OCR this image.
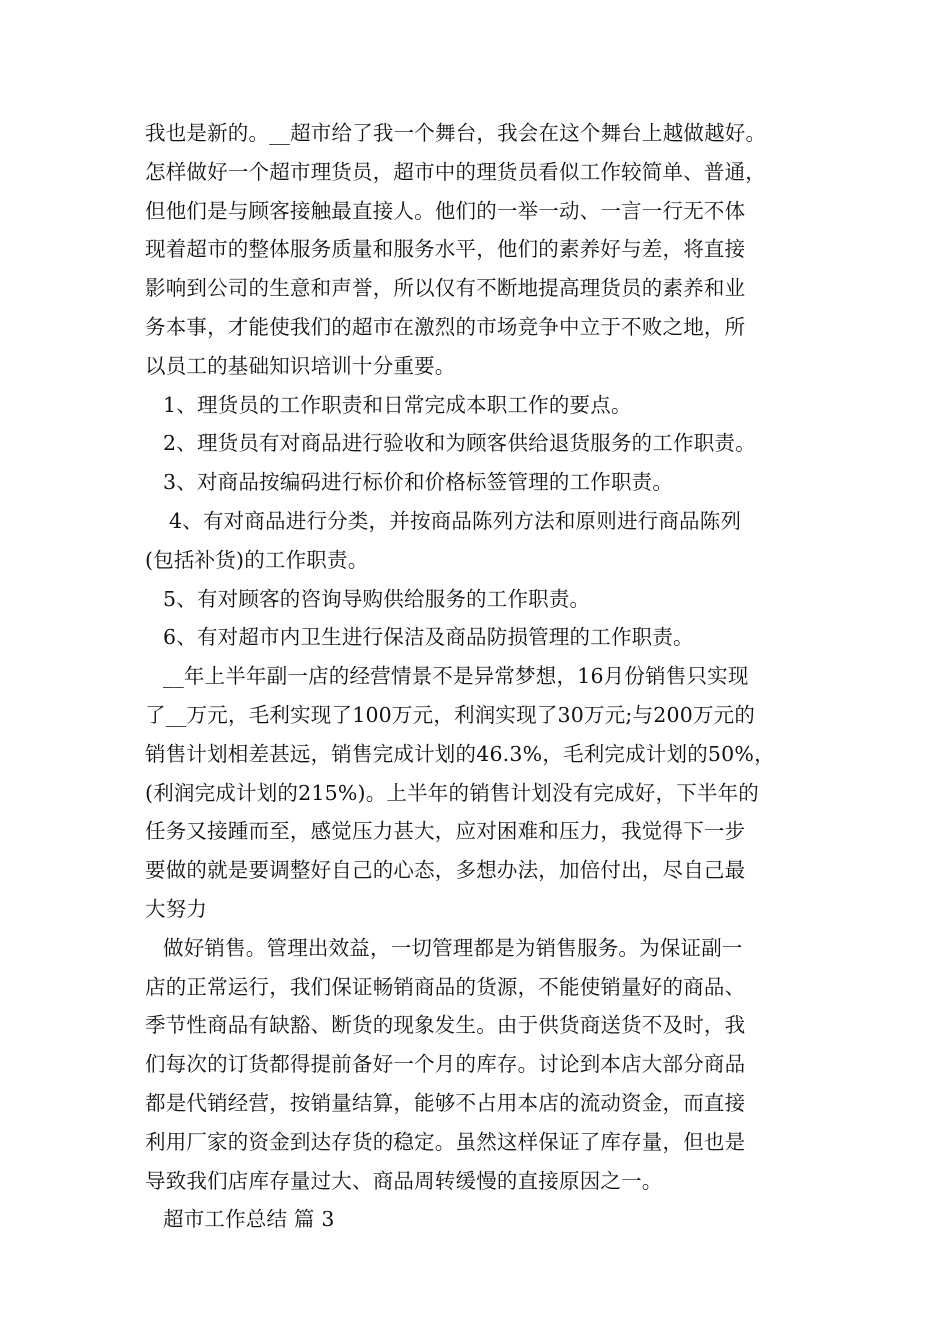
我也是新的。__超市给了我一个舞台，我会在这个舞台上越做越好。
怎样做好一个超市理货员，超市中的理货员看似工作较简单、普通，
但他们是与顾客接触最直接人。他们的一举一动、一言一行无不体
现着超市的整体服务质量和服务水平，他们的素养好与差，将直接
影响到公司的生意和声誉，所以仅有不断地提高理货员的素养和业
务本事，才能使我们的超市在激烈的市场竞争中立于不败之地，所
以员工的基础知识培训十分重要。
1、理货员的工作职责和日常完成本职工作的要点。
2、理货员有对商品进行验收和为顾客供给退货服务的工作职责。
3、对商品按编码进行标价和价格标签管理的工作职责。
4、有对商品进行分类，并按商品陈列方法和原则进行商品陈列
(包括补货)的工作职责。
5、有对顾客的咨询导购供给服务的工作职责。
6、有对超市内卫生进行保洁及商品防损管理的工作职责。
__年上半年副一店的经营情景不是异常梦想，16月份销售只实现
了__万元，毛利实现了100万元，利润实现了30万元;与200万元的
销售计划相差甚远，销售完成计划的46.3%，毛利完成计划的50%，
(利润完成计划的215%)。上半年的销售计划没有完成好，下半年的
任务又接踵而至，感觉压力甚大，应对困难和压力，我觉得下一步
要做的就是要调整好自己的心态，多想办法，加倍付出，尽自己最
大努力
做好销售。管理出效益，一切管理都是为销售服务。为保证副一
店的正常运行，我们保证畅销商品的货源，不能使销量好的商品、
季节性商品有缺豁、断货的现象发生。由于供货商送货不及时，我
们每次的订货都得提前备好一个月的库存。讨论到本店大部分商品
都是代销经营，按销量结算，能够不占用本店的流动资金，而直接
利用厂家的资金到达存货的稳定。虽然这样保证了库存量，但也是
导致我们店库存量过大、商品周转缓慢的直接原因之一。
超市工作总结 篇 3
